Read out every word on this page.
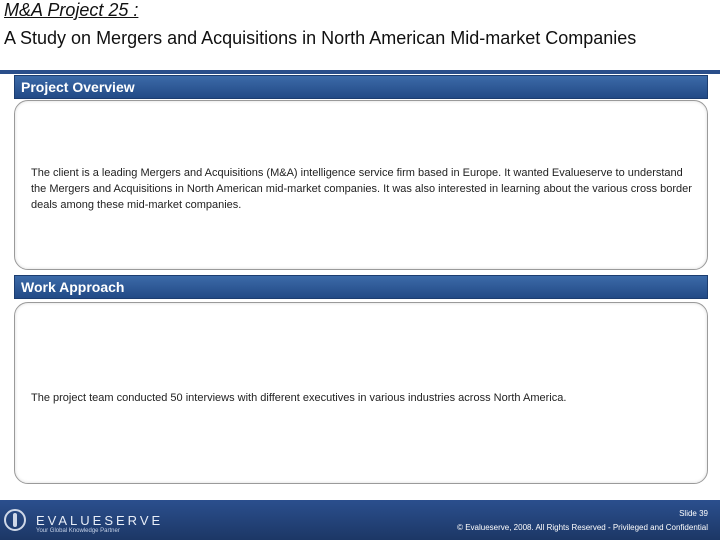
M&A Project 25 :
A Study on Mergers and Acquisitions in North American Mid-market Companies
Project Overview
The client is a leading Mergers and Acquisitions (M&A) intelligence service firm based in Europe. It wanted Evalueserve to understand the Mergers and Acquisitions in North American mid-market companies. It was also interested in learning about the various cross border deals among these mid-market companies.
Work Approach
The project team conducted 50 interviews with different executives in various industries across North America.
EVALUESERVE
Your Global Knowledge Partner
Slide 39
© Evalueserve, 2008. All Rights Reserved - Privileged and Confidential
